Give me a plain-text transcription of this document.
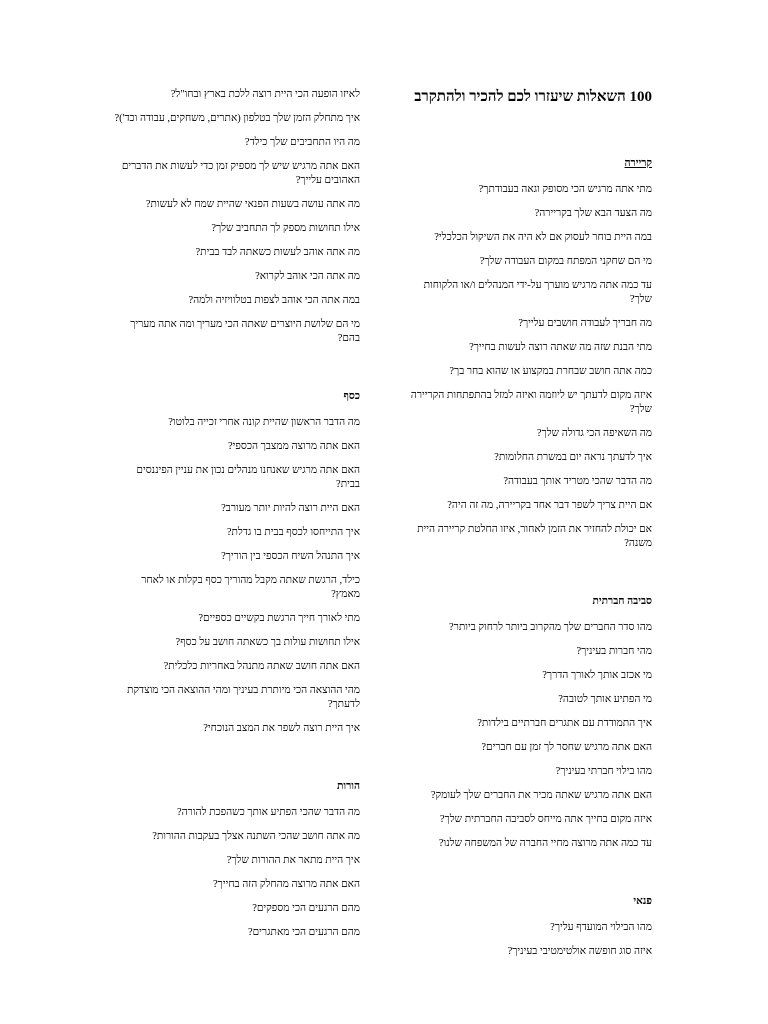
100 השאלות שיעזרו לכם להכיר ולהתקרב
קריירה
מתי אתה מרגיש הכי מסופק וגאה בעבודתך?
מה הצעד הבא שלך בקריירה?
במה היית בוחר לעסוק אם לא היה את השיקול הכלכלי?
מי הם שחקני המפתח במקום העבודה שלך?
עד כמה אתה מרגיש מוערך על-ידי המנהלים ו/או הלקוחות שלך?
מה חבריך לעבודה חושבים עלייך?
מתי הבנת שזה מה שאתה רוצה לעשות בחייך?
כמה אתה חושב שבחרת במקצוע או שהוא בחר בך?
איזה מקום לדעתך יש ליוזמה ואיזה למזל בהתפתחות הקריירה שלך?
מה השאיפה הכי גדולה שלך?
איך לדעתך נראה יום במשרת החלומות?
מה הדבר שהכי מטריד אותך בעבודה?
אם היית צריך לשפר דבר אחד בקריירה, מה זה היה?
אם יכולת להחזיר את הזמן לאחור, איזו החלטת קריירה היית משנה?
סביבה חברתית
מהו סדר החברים שלך מהקרוב ביותר לרחוק ביותר?
מהי חברות בעיניך?
מי אכזב אותך לאורך הדרך?
מי הפתיע אותך לטובה?
איך התמודדת עם אתגרים חברתיים בילדות?
האם אתה מרגיש שחסר לך זמן עם חברים?
מהו בילוי חברתי בעיניך?
האם אתה מרגיש שאתה מכיר את החברים שלך לעומק?
איזה מקום בחייך אתה מייחס לסביבה החברתית שלך?
עד כמה אתה מרוצה מחיי החברה של המשפחה שלנו?
פנאי
מהו הבילוי המועדף עליך?
איזה סוג חופשה אולטימטיבי בעיניך?
לאיזו הופעה הכי היית רוצה ללכת בארץ ובחו"ל?
איך מתחלק הזמן שלך בטלפון (אתרים, משחקים, עבודה וכד')?
מה היו התחביבים שלך כילד?
האם אתה מרגיש שיש לך מספיק זמן כדי לעשות את הדברים האהובים עלייך?
מה אתה עושה בשעות הפנאי שהיית שמח לא לעשות?
אילו תחושות מספק לך התחביב שלך?
מה אתה אוהב לעשות כשאתה לבד בבית?
מה אתה הכי אוהב לקרוא?
במה אתה הכי אוהב לצפות בטלוויזיה ולמה?
מי הם שלושת היוצרים שאתה הכי מעריך ומה אתה מעריך בהם?
כסף
מה הדבר הראשון שהיית קונה אחרי זכייה בלוטו?
האם אתה מרוצה ממצבך הכספי?
האם אתה מרגיש שאנחנו מנהלים נכון את עניין הפיננסים בבית?
האם היית רוצה להיות יותר מעורב?
איך התייחסו לכסף בבית בו גדלת?
איך התנהל השיח הכספי בין הוריך?
כילד, הרגשת שאתה מקבל מהוריך כסף בקלות או לאחר מאמץ?
מתי לאורך חייך הרגשת בקשיים כספיים?
אילו תחושות עולות בך כשאתה חושב על כסף?
האם אתה חושב שאתה מתנהל באחריות כלכלית?
מהי ההוצאה הכי מיותרת בעיניך ומהי ההוצאה הכי מוצדקת לדעתך?
איך היית רוצה לשפר את המצב הנוכחי?
הורות
מה הדבר שהכי הפתיע אותך כשהפכת להורה?
מה אתה חושב שהכי השתנה אצלך בעקבות ההורות?
איך היית מתאר את ההורות שלך?
האם אתה מרוצה מהחלק הזה בחייך?
מהם הרגעים הכי מספקים?
מהם הרגעים הכי מאתגרים?
